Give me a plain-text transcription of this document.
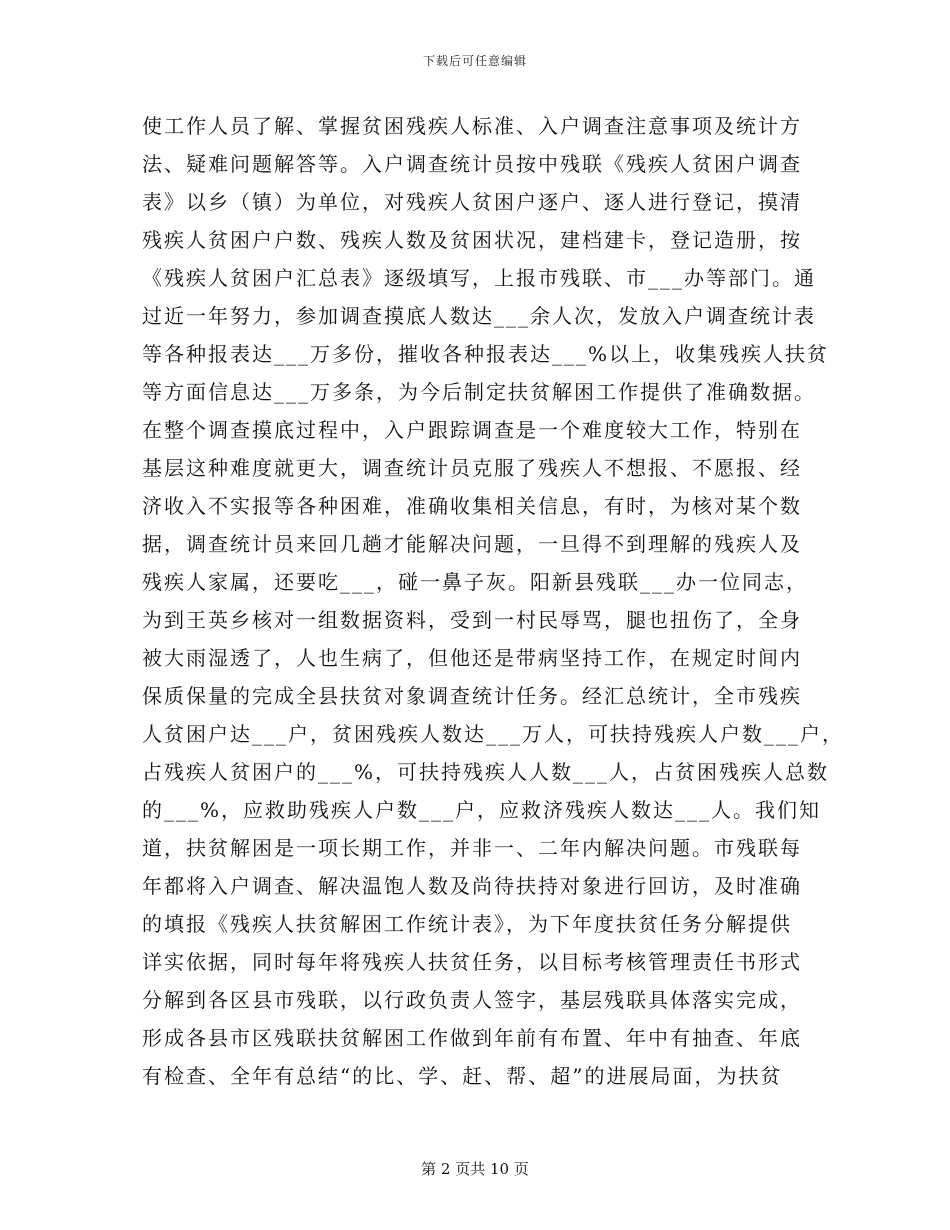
下载后可任意编辑
使工作人员了解、掌握贫困残疾人标准、入户调查注意事项及统计方
法、疑难问题解答等。入户调查统计员按中残联《残疾人贫困户调查
表》以乡（镇）为单位，对残疾人贫困户逐户、逐人进行登记，摸清
残疾人贫困户户数、残疾人数及贫困状况，建档建卡，登记造册，按
《残疾人贫困户汇总表》逐级填写，上报市残联、市___办等部门。通
过近一年努力，参加调查摸底人数达___余人次，发放入户调查统计表
等各种报表达___万多份，摧收各种报表达___%以上，收集残疾人扶贫
等方面信息达___万多条，为今后制定扶贫解困工作提供了准确数据。
在整个调查摸底过程中，入户跟踪调查是一个难度较大工作，特别在
基层这种难度就更大，调查统计员克服了残疾人不想报、不愿报、经
济收入不实报等各种困难，准确收集相关信息，有时，为核对某个数
据，调查统计员来回几趟才能解决问题，一旦得不到理解的残疾人及
残疾人家属，还要吃___，碰一鼻子灰。阳新县残联___办一位同志，
为到王英乡核对一组数据资料，受到一村民辱骂，腿也扭伤了，全身
被大雨湿透了，人也生病了，但他还是带病坚持工作，在规定时间内
保质保量的完成全县扶贫对象调查统计任务。经汇总统计，全市残疾
人贫困户达___户，贫困残疾人数达___万人，可扶持残疾人户数___户，
占残疾人贫困户的___%，可扶持残疾人人数___人，占贫困残疾人总数
的___%，应救助残疾人户数___户，应救济残疾人数达___人。我们知
道，扶贫解困是一项长期工作，并非一、二年内解决问题。市残联每
年都将入户调查、解决温饱人数及尚待扶持对象进行回访，及时准确
的填报《残疾人扶贫解困工作统计表》，为下年度扶贫任务分解提供
详实依据，同时每年将残疾人扶贫任务，以目标考核管理责任书形式
分解到各区县市残联，以行政负责人签字，基层残联具体落实完成，
形成各县市区残联扶贫解困工作做到年前有布置、年中有抽查、年底
有检查、全年有总结“的比、学、赶、帮、超”的进展局面，为扶贫
第 2 页共 10 页
